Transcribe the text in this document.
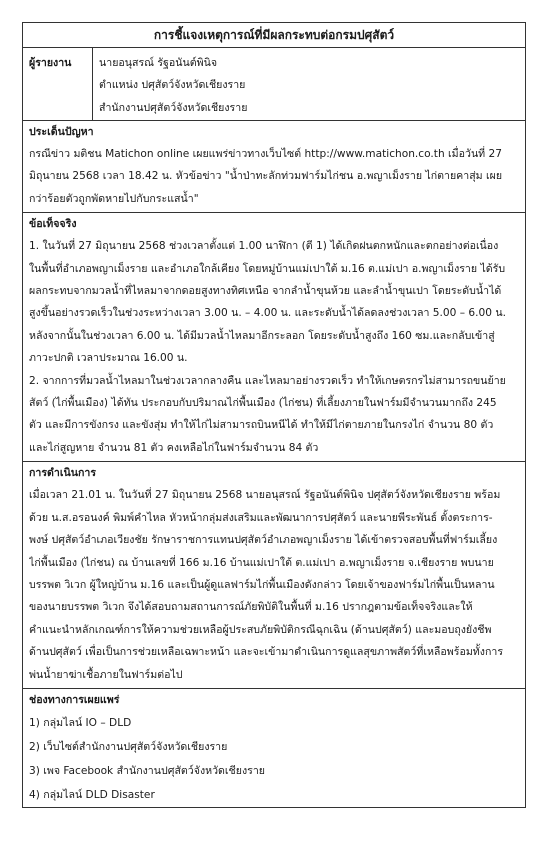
การชี้แจงเหตุการณ์ที่มีผลกระทบต่อกรมปศุสัตว์
ผู้รายงาน	นายอนุสรณ์ รัฐอนันต์พินิจ
ตำแหน่ง ปศุสัตว์จังหวัดเชียงราย
สำนักงานปศุสัตว์จังหวัดเชียงราย
ประเด็นปัญหา
กรณีข่าว มติชน Matichon online เผยแพร่ข่าวทางเว็บไซต์ http://www.matichon.co.th เมื่อวันที่ 27
มิถุนายน 2568 เวลา 18.42 น. หัวข้อข่าว "น้ำป่าทะลักท่วมฟาร์มไก่ชน อ.พญาเม็งราย ไก่ตายคาสุ่ม เผย
กว่าร้อยตัวถูกพัดหายไปกับกระแสน้ำ"
ข้อเท็จจริง
1. ในวันที่ 27 มิถุนายน 2568 ช่วงเวลาตั้งแต่ 1.00 นาฬิกา (ตี 1) ได้เกิดฝนตกหนักและตกอย่างต่อเนื่อง
ในพื้นที่อำเภอพญาเม็งราย และอำเภอใกล้เคียง โดยหมู่บ้านแม่เปาใต้ ม.16 ต.แม่เปา อ.พญาเม็งราย ได้รับ
ผลกระทบจากมวลน้ำที่ไหลมาจากดอยสูงทางทิศเหนือ จากลำน้ำขุนห้วย และลำน้ำขุนเปา โดยระดับน้ำได้
สูงขึ้นอย่างรวดเร็วในช่วงระหว่างเวลา 3.00 น. – 4.00 น. และระดับน้ำได้ลดลงช่วงเวลา 5.00 – 6.00 น.
หลังจากนั้นในช่วงเวลา 6.00 น. ได้มีมวลน้ำไหลมาอีกระลอก โดยระดับน้ำสูงถึง 160 ซม.และกลับเข้าสู่
ภาวะปกติ เวลาประมาณ 16.00 น.
2. จากการที่มวลน้ำไหลมาในช่วงเวลากลางคืน และไหลมาอย่างรวดเร็ว ทำให้เกษตรกรไม่สามารถขนย้าย
สัตว์ (ไก่พื้นเมือง) ได้ทัน ประกอบกับปริมาณไก่พื้นเมือง (ไก่ชน) ที่เลี้ยงภายในฟาร์มมีจำนวนมากถึง 245
ตัว และมีการขังกรง และขังสุ่ม ทำให้ไก่ไม่สามารถบินหนีได้ ทำให้มีไก่ตายภายในกรงไก่ จำนวน 80 ตัว
และไก่สูญหาย จำนวน 81 ตัว คงเหลือไก่ในฟาร์มจำนวน 84 ตัว
การดำเนินการ
เมื่อเวลา 21.01 น. ในวันที่ 27 มิถุนายน 2568 นายอนุสรณ์ รัฐอนันต์พินิจ ปศุสัตว์จังหวัดเชียงราย พร้อม
ด้วย น.ส.อรอนงค์ พิมพ์คำไหล หัวหน้ากลุ่มส่งเสริมและพัฒนาการปศุสัตว์ และนายพีระพันธ์ ตั้งตระการ-
พงษ์ ปศุสัตว์อำเภอเวียงชัย รักษาราชการแทนปศุสัตว์อำเภอพญาเม็งราย ได้เข้าตรวจสอบพื้นที่ฟาร์มเลี้ยง
ไก่พื้นเมือง (ไก่ชน) ณ บ้านเลขที่ 166 ม.16 บ้านแม่เปาใต้ ต.แม่เปา อ.พญาเม็งราย จ.เชียงราย พบนาย
บรรพต วิเวก ผู้ใหญ่บ้าน ม.16 และเป็นผู้ดูแลฟาร์มไก่พื้นเมืองดังกล่าว โดยเจ้าของฟาร์มไก่พื้นเป็นหลาน
ของนายบรรพต วิเวก จึงได้สอบถามสถานการณ์ภัยพิบัติในพื้นที่ ม.16 ปรากฎตามข้อเท็จจริงและให้
คำแนะนำหลักเกณฑ์การให้ความช่วยเหลือผู้ประสบภัยพิบัติกรณีฉุกเฉิน (ด้านปศุสัตว์) และมอบถุงยังชีพ
ด้านปศุสัตว์ เพื่อเป็นการช่วยเหลือเฉพาะหน้า และจะเข้ามาดำเนินการดูแลสุขภาพสัตว์ที่เหลือพร้อมทั้งการ
พ่นน้ำยาฆ่าเชื้อภายในฟาร์มต่อไป
ช่องทางการเผยแพร่
1) กลุ่มไลน์ IO – DLD
2) เว็บไซต์สำนักงานปศุสัตว์จังหวัดเชียงราย
3) เพจ Facebook สำนักงานปศุสัตว์จังหวัดเชียงราย
4) กลุ่มไลน์ DLD Disaster
